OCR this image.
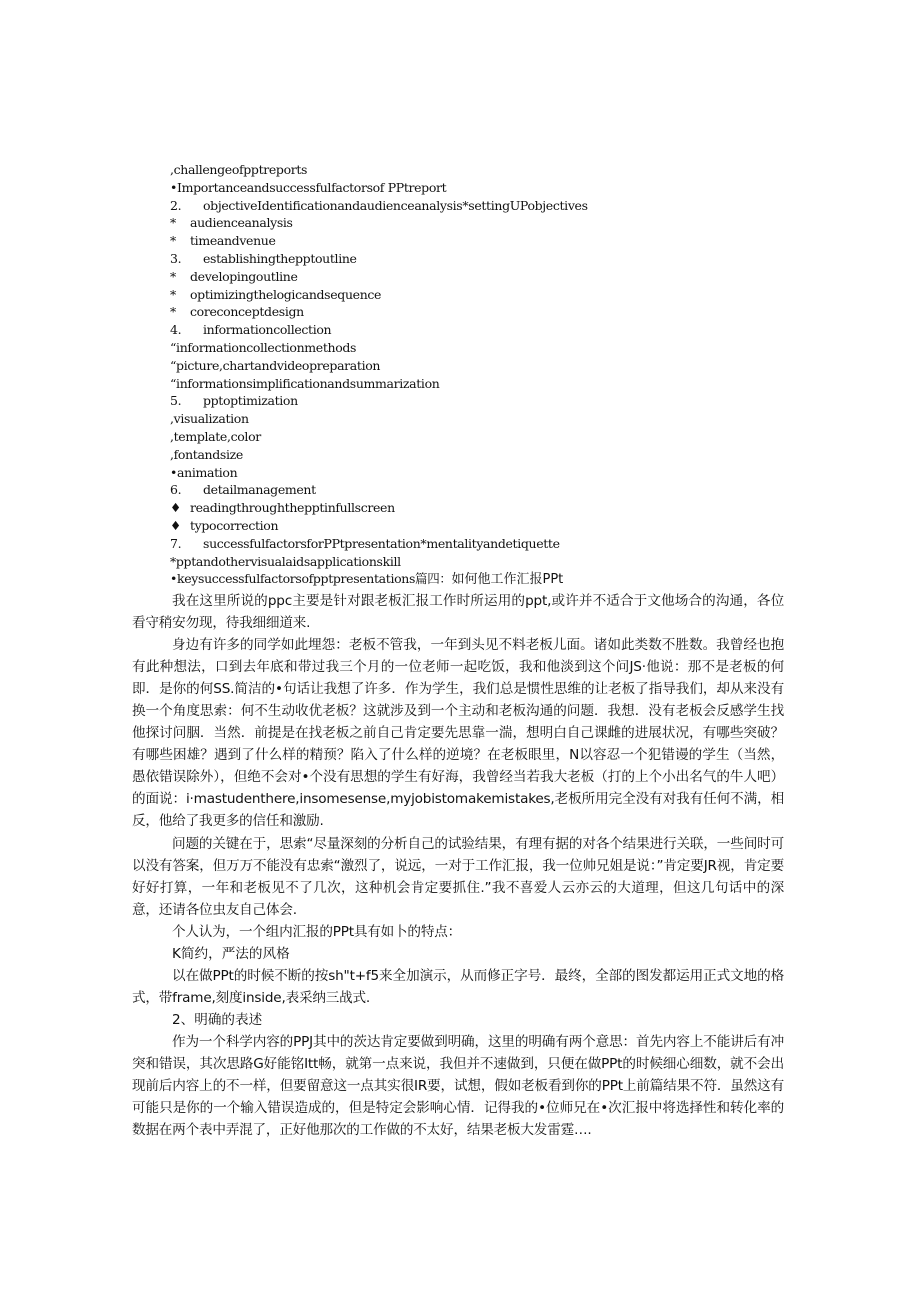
,challengeofpptreports
•Importanceandsuccessfulfactorsof PPtreport
2. objectiveIdentificationandaudienceanalysis*settingUPobjectives
* audienceanalysis
* timeandvenue
3. establishingthepptoutline
* developingoutline
* optimizingthelogicandsequence
* coreconceptdesign
4. informationcollection
“informationcollectionmethods
“picture,chartandvideopreparation
“informationsimplificationandsummarization
5. pptoptimization
,visualization
,template,color
,fontandsize
•animation
6. detailmanagement
♦ readingthroughthepptinfullscreen
♦ typocorrection
7. successfulfactorsforPPtpresentation*mentalityandetiquette
*pptandothervisualaidsapplicationskill
•keysuccessfulfactorsofpptpresentations篇四：如何他工作汇报PPt

我在这里所说的ppc主要是针对跟老板汇报工作时所运用的ppt,或许并不适合于文他场合的沟通，各位看守稍安勿现，待我细细道来.

身边有许多的同学如此埋怨：老板不管我，一年到头见不料老板儿面。诸如此类数不胜数。我曾经也抱有此种想法，口到去年底和带过我三个月的一位老师一起吃饭，我和他淡到这个问JS·他说：那不是老板的何即．是你的何SS.简洁的•句话让我想了许多．作为学生，我们总是惯性思维的让老板了指导我们，却从来没有换一个角度思索：何不生动收优老板？这就涉及到一个主动和老板沟通的问题．我想．没有老板会反感学生找他探讨问胭．当然．前提是在找老板之前自己肯定要先思靠一湍，想明白自己课雌的进展状况，有哪些突破？有哪些困雄？遇到了什么样的精预？陷入了什么样的逆境？在老板眼里，N以容忍一个犯错谩的学生（当然，愚依错误除外），但绝不会对•个没有思想的学生有好海，我曾经当若我大老板（打的上个小出名气的牛人吧）的面说：i·mastudenthere,insomesense,myjobistomakemistakes,老板所用完全没有对我有任何不满，相反，他给了我更多的信任和激励.

问题的关键在于，思索“尽量深刻的分析自己的试验结果，有理有据的对各个结果进行关联，一些间时可以没有答案，但万万不能没有忠索“激烈了，说远，一对于工作汇报，我一位帅兄姐是说：”肯定要JR视，肯定要好好打算，一年和老板见不了几次，这种机会肯定要抓住.”我不喜爱人云亦云的大道理，但这几句话中的深意，还请各位虫友自己体会.

个人认为，一个组内汇报的PPt具有如卜的特点：

K简约，严法的风格

以在做PPt的时候不断的按sh"t+f5来全加演示，从而修正字号．最终，全部的图发都运用正式文地的格式，带frame,刻度inside,表采纳三战式.

2、明确的表述

作为一个科学内容的PPJ其中的茨达肯定要做到明确，这里的明确有两个意思：首先内容上不能讲后有冲突和错误，其次思路G好能铭Itt畅，就第一点来说，我但并不速做到，只便在做PPt的时候细心细数，就不会出现前后内容上的不一样，但要留意这一点其实很IR要，试想，假如老板看到你的PPt上前篇结果不符．虽然这有可能只是你的一个输入错误造成的，但是特定会影响心情．记得我的•位师兄在•次汇报中将选择性和转化率的数据在两个表中弄混了，正好他那次的工作做的不太好，结果老板大发雷霆….
